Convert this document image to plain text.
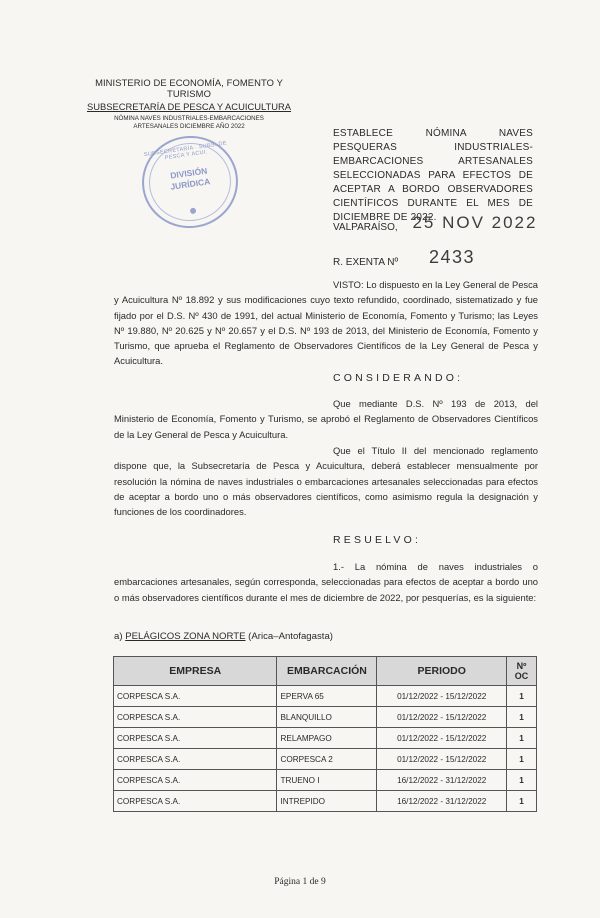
MINISTERIO DE ECONOMÍA, FOMENTO Y TURISMO
SUBSECRETARÍA DE PESCA Y ACUICULTURA
NÓMINA NAVES INDUSTRIALES-EMBARCACIONES
ARTESANALES DICIEMBRE AÑO 2022
SUBSECRETARÍA · SUBS. DE PESCA Y ACUI.
DIVISIÓN
JURÍDICA
ESTABLECE NÓMINA NAVES PESQUERAS INDUSTRIALES-EMBARCACIONES ARTESANALES SELECCIONADAS PARA EFECTOS DE ACEPTAR A BORDO OBSERVADORES CIENTÍFICOS DURANTE EL MES DE DICIEMBRE DE 2022.
VALPARAÍSO, 25 NOV 2022
R. EXENTA Nº 2433
VISTO: Lo dispuesto en la Ley General de Pesca y Acuicultura Nº 18.892 y sus modificaciones cuyo texto refundido, coordinado, sistematizado y fue fijado por el D.S. Nº 430 de 1991, del actual Ministerio de Economía, Fomento y Turismo; las Leyes Nº 19.880, Nº 20.625 y Nº 20.657 y el D.S. Nº 193 de 2013, del Ministerio de Economía, Fomento y Turismo, que aprueba el Reglamento de Observadores Científicos de la Ley General de Pesca y Acuicultura.
CONSIDERANDO:
Que mediante D.S. Nº 193 de 2013, del Ministerio de Economía, Fomento y Turismo, se aprobó el Reglamento de Observadores Científicos de la Ley General de Pesca y Acuicultura.
Que el Título II del mencionado reglamento dispone que, la Subsecretaría de Pesca y Acuicultura, deberá establecer mensualmente por resolución la nómina de naves industriales o embarcaciones artesanales seleccionadas para efectos de aceptar a bordo uno o más observadores científicos, como asimismo regula la designación y funciones de los coordinadores.
RESUELVO:
1.- La nómina de naves industriales o embarcaciones artesanales, según corresponda, seleccionadas para efectos de aceptar a bordo uno o más observadores científicos durante el mes de diciembre de 2022, por pesquerías, es la siguiente:
a) PELÁGICOS ZONA NORTE (Arica–Antofagasta)
EMPRESA	EMBARCACIÓN	PERIODO	Nº
OC
CORPESCA S.A.	EPERVA 65	01/12/2022 - 15/12/2022	1
CORPESCA S.A.	BLANQUILLO	01/12/2022 - 15/12/2022	1
CORPESCA S.A.	RELAMPAGO	01/12/2022 - 15/12/2022	1
CORPESCA S.A.	CORPESCA 2	01/12/2022 - 15/12/2022	1
CORPESCA S.A.	TRUENO I	16/12/2022 - 31/12/2022	1
CORPESCA S.A.	INTREPIDO	16/12/2022 - 31/12/2022	1
Página 1 de 9
